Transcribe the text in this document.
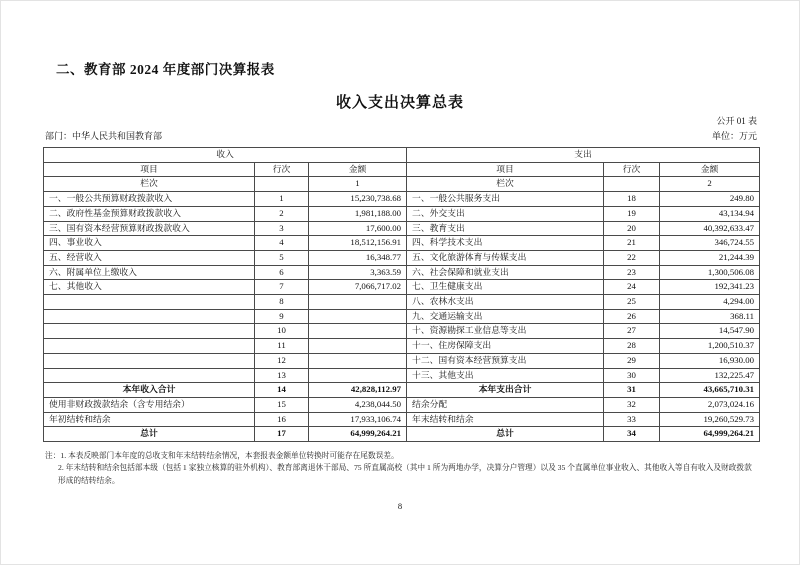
二、教育部 2024 年度部门决算报表
收入支出决算总表
公开 01 表
部门：中华人民共和国教育部	单位：万元
收入			支出		
项目	行次	金额	项目	行次	金额
栏次		1	栏次		2
一、一般公共预算财政拨款收入	1	15,230,738.68	一、一般公共服务支出	18	249.80
二、政府性基金预算财政拨款收入	2	1,981,188.00	二、外交支出	19	43,134.94
三、国有资本经营预算财政拨款收入	3	17,600.00	三、教育支出	20	40,392,633.47
四、事业收入	4	18,512,156.91	四、科学技术支出	21	346,724.55
五、经营收入	5	16,348.77	五、文化旅游体育与传媒支出	22	21,244.39
六、附属单位上缴收入	6	3,363.59	六、社会保障和就业支出	23	1,300,506.08
七、其他收入	7	7,066,717.02	七、卫生健康支出	24	192,341.23
	8		八、农林水支出	25	4,294.00
	9		九、交通运输支出	26	368.11
	10		十、资源勘探工业信息等支出	27	14,547.90
	11		十一、住房保障支出	28	1,200,510.37
	12		十二、国有资本经营预算支出	29	16,930.00
	13		十三、其他支出	30	132,225.47
本年收入合计	14	42,828,112.97	本年支出合计	31	43,665,710.31
使用非财政拨款结余（含专用结余）	15	4,238,044.50	结余分配	32	2,073,024.16
年初结转和结余	16	17,933,106.74	年末结转和结余	33	19,260,529.73
总计	17	64,999,264.21	总计	34	64,999,264.21
注：1. 本表反映部门本年度的总收支和年末结转结余情况，本套报表金额单位转换时可能存在尾数误差。
2. 年末结转和结余包括部本级（包括 1 家独立核算的驻外机构）、教育部离退休干部局、75 所直属高校（其中 1 所为两地办学，决算分户管理）以及 35 个直属单位事业收入、其他收入等自有收入及财政拨款形成的结转结余。
8
